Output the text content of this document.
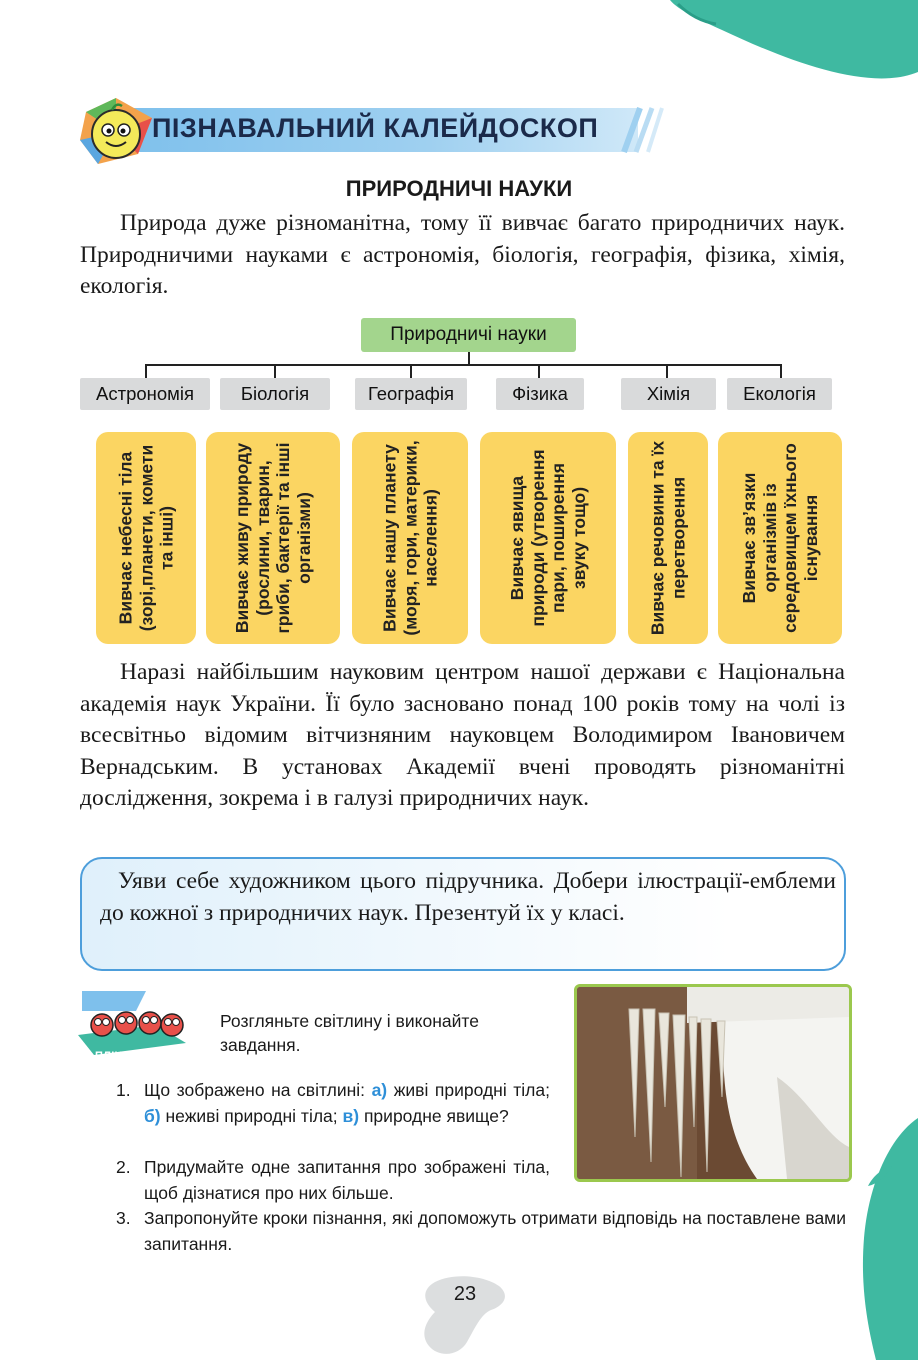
ПІЗНАВАЛЬНИЙ КАЛЕЙДОСКОП
ПРИРОДНИЧІ НАУКИ
Природа дуже різноманітна, тому її вивчає багато природничих наук. Природничими науками є астрономія, біологія, географія, фізика, хімія, екологія.
Природничі науки
Астрономія	Біологія	Географія	Фізика	Хімія	Екологія
Вивчає небесні тіла (зорі,планети, комети та інші)	Вивчає живу природу (рослини, тварин, гриби, бактерії та інші організми)	Вивчає нашу планету (моря, гори, материки, населення)	Вивчає явища природи (утворення пари, поширення звуку тощо)	Вивчає речовини та їх перетворення	Вивчає зв’язки організмів із середовищем їхнього існування
Наразі найбільшим науковим центром нашої держави є Національна академія наук України. Її було засновано понад 100 років тому на чолі із всесвітньо відомим вітчизняним науковцем Володимиром Івановичем Вернадським. В установах Академії вчені проводять різноманітні дослідження, зокрема і в галузі природничих наук.
Уяви себе художником цього підручника. Добери ілюстрації-емблеми до кожної з природничих наук. Презентуй їх у класі.
ПЛІЧ-О-ПЛІЧ
Розгляньте світлину і виконайте завдання.
1. Що зображено на світлині: а) живі природні тіла; б) неживі природні тіла; в) природне явище?
2. Придумайте одне запитання про зображені тіла, щоб дізнатися про них більше.
3. Запропонуйте кроки пізнання, які допоможуть отримати відповідь на поставлене вами запитання.
23
